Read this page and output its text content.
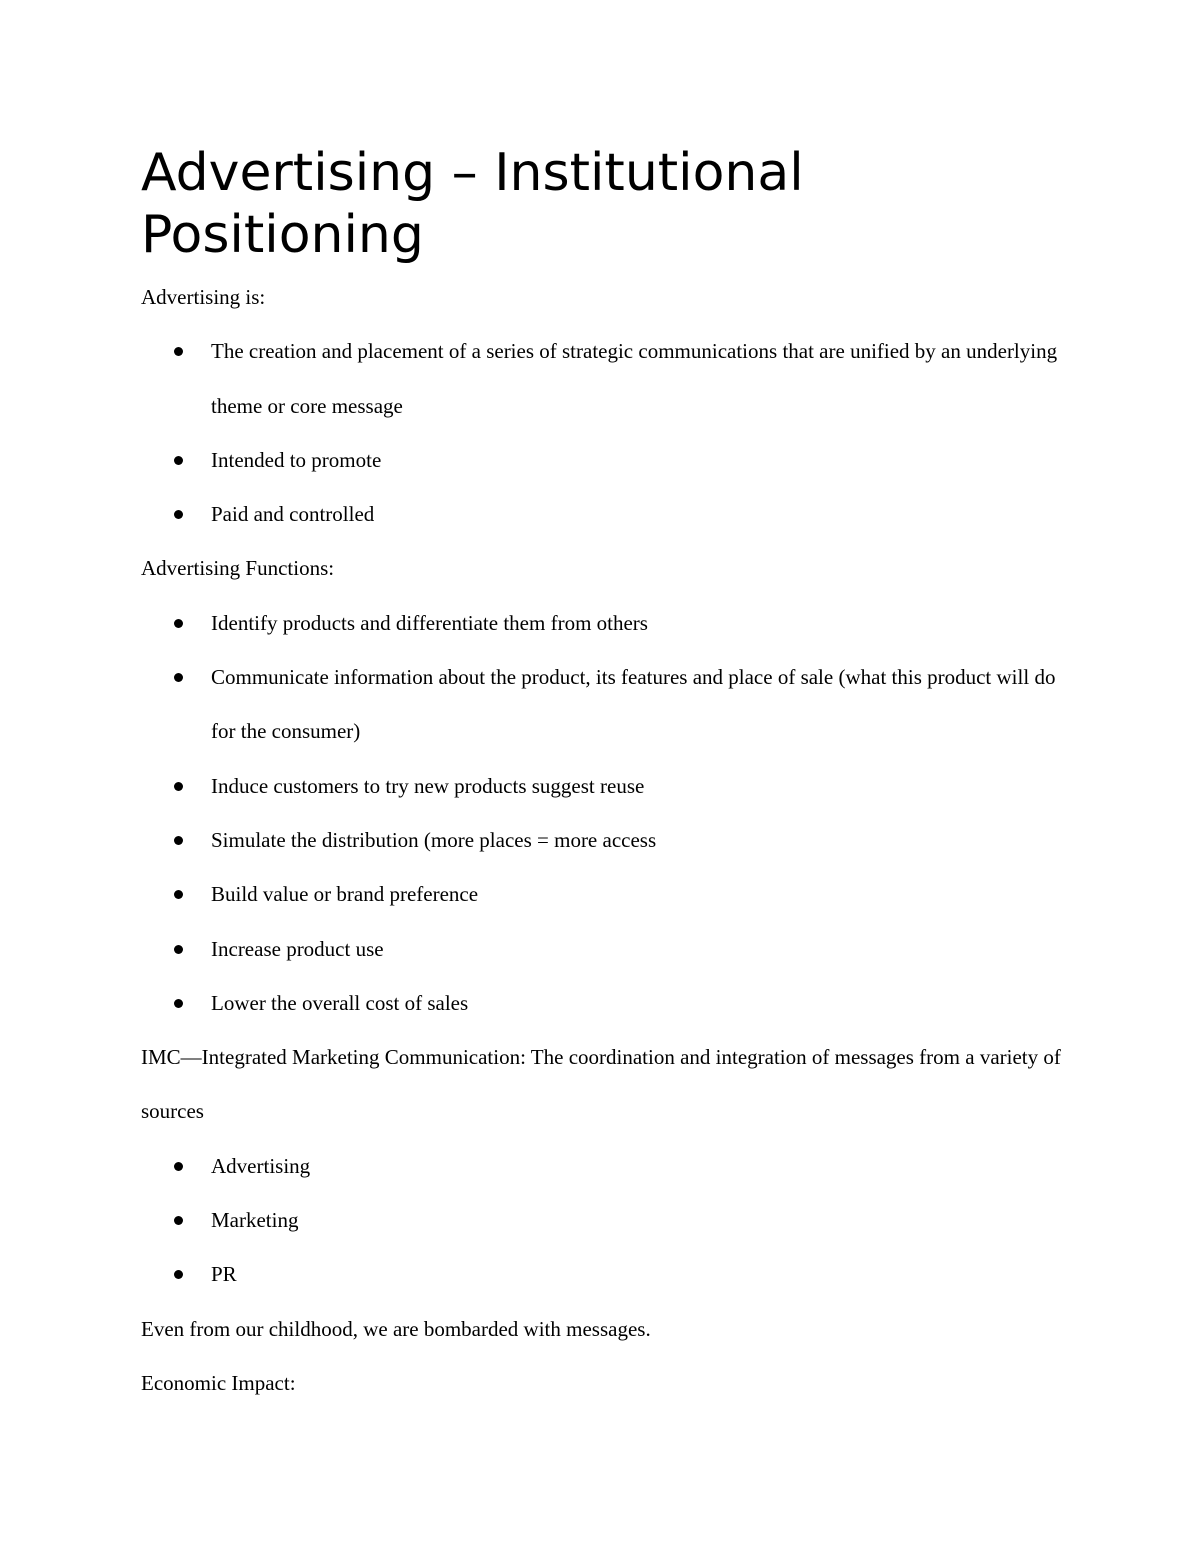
Advertising – Institutional
Positioning

Advertising is:

The creation and placement of a series of strategic communications that are unified by an underlying theme or core message
Intended to promote
Paid and controlled

Advertising Functions:

Identify products and differentiate them from others
Communicate information about the product, its features and place of sale (what this product will do for the consumer)
Induce customers to try new products suggest reuse
Simulate the distribution (more places = more access
Build value or brand preference
Increase product use
Lower the overall cost of sales

IMC—Integrated Marketing Communication: The coordination and integration of messages from a variety of sources

Advertising
Marketing
PR

Even from our childhood, we are bombarded with messages.

Economic Impact:
